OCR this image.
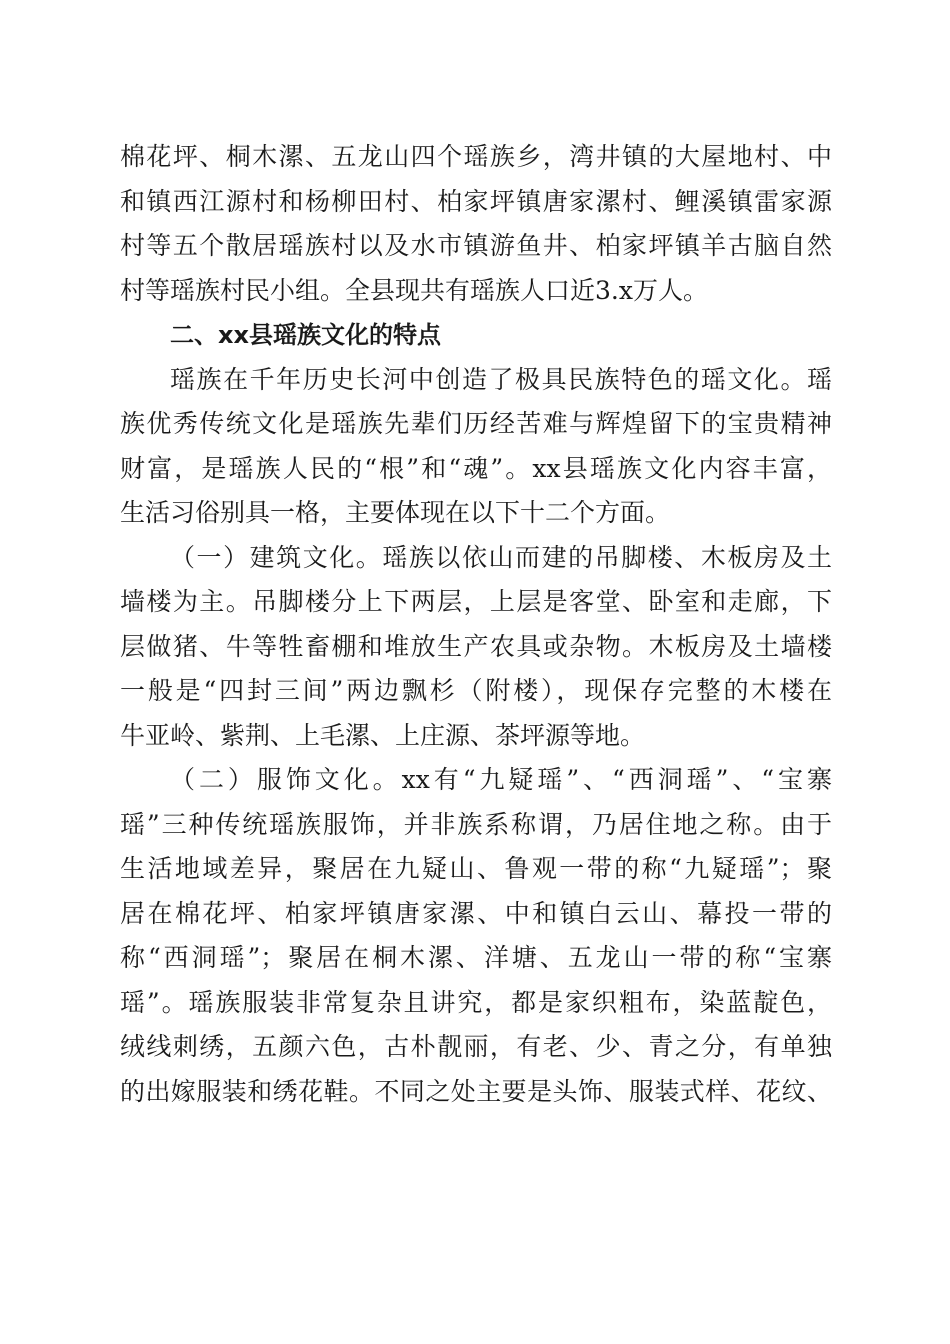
棉花坪、桐木漯、五龙山四个瑶族乡，湾井镇的大屋地村、中
和镇西江源村和杨柳田村、柏家坪镇唐家漯村、鲤溪镇雷家源
村等五个散居瑶族村以及水市镇游鱼井、柏家坪镇羊古脑自然
村等瑶族村民小组。全县现共有瑶族人口近3.x万人。
二、xx县瑶族文化的特点
瑶族在千年历史长河中创造了极具民族特色的瑶文化。瑶
族优秀传统文化是瑶族先辈们历经苦难与辉煌留下的宝贵精神
财富，是瑶族人民的“根”和“魂”。xx县瑶族文化内容丰富，
生活习俗别具一格，主要体现在以下十二个方面。
（一）建筑文化。瑶族以依山而建的吊脚楼、木板房及土
墙楼为主。吊脚楼分上下两层，上层是客堂、卧室和走廊，下
层做猪、牛等牲畜棚和堆放生产农具或杂物。木板房及土墙楼
一般是“四封三间”两边飘杉（附楼），现保存完整的木楼在
牛亚岭、紫荆、上毛漯、上庄源、茶坪源等地。
（二）服饰文化。xx有“九疑瑶”、“西洞瑶”、“宝寨
瑶”三种传统瑶族服饰，并非族系称谓，乃居住地之称。由于
生活地域差异，聚居在九疑山、鲁观一带的称“九疑瑶”；聚
居在棉花坪、柏家坪镇唐家漯、中和镇白云山、幕投一带的
称“西洞瑶”；聚居在桐木漯、洋塘、五龙山一带的称“宝寨
瑶”。瑶族服装非常复杂且讲究，都是家织粗布，染蓝靛色，
绒线刺绣，五颜六色，古朴靓丽，有老、少、青之分，有单独
的出嫁服装和绣花鞋。不同之处主要是头饰、服装式样、花纹、
